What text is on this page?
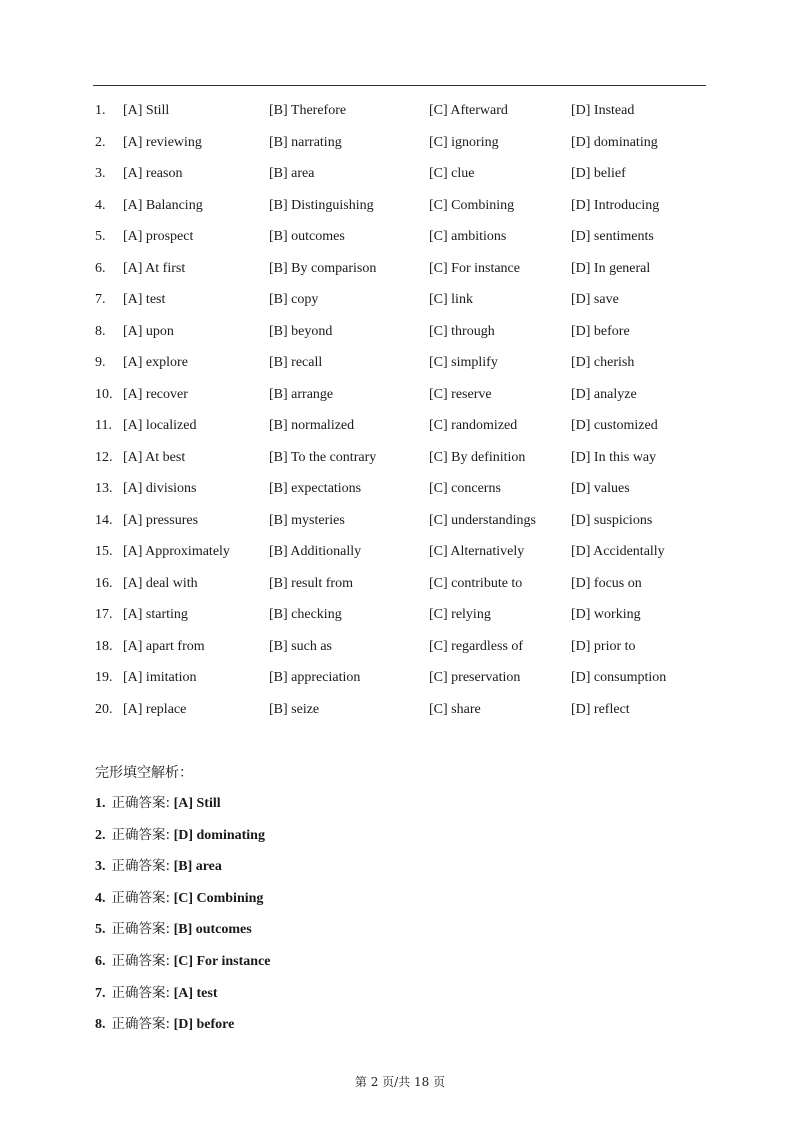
1. [A] Still	[B] Therefore	[C] Afterward	[D] Instead
2. [A] reviewing	[B] narrating	[C] ignoring	[D] dominating
3. [A] reason	[B] area	[C] clue	[D] belief
4. [A] Balancing	[B] Distinguishing	[C] Combining	[D] Introducing
5. [A] prospect	[B] outcomes	[C] ambitions	[D] sentiments
6. [A] At first	[B] By comparison	[C] For instance	[D] In general
7. [A] test	[B] copy	[C] link	[D] save
8. [A] upon	[B] beyond	[C] through	[D] before
9. [A] explore	[B] recall	[C] simplify	[D] cherish
10. [A] recover	[B] arrange	[C] reserve	[D] analyze
11. [A] localized	[B] normalized	[C] randomized	[D] customized
12. [A] At best	[B] To the contrary	[C] By definition	[D] In this way
13. [A] divisions	[B] expectations	[C] concerns	[D] values
14. [A] pressures	[B] mysteries	[C] understandings	[D] suspicions
15. [A] Approximately	[B] Additionally	[C] Alternatively	[D] Accidentally
16. [A] deal with	[B] result from	[C] contribute to	[D] focus on
17. [A] starting	[B] checking	[C] relying	[D] working
18. [A] apart from	[B] such as	[C] regardless of	[D] prior to
19. [A] imitation	[B] appreciation	[C] preservation	[D] consumption
20. [A] replace	[B] seize	[C] share	[D] reflect
完形填空解析：
1. 正确答案: [A] Still
2. 正确答案: [D] dominating
3. 正确答案: [B] area
4. 正确答案: [C] Combining
5. 正确答案: [B] outcomes
6. 正确答案: [C] For instance
7. 正确答案: [A] test
8. 正确答案: [D] before
第 2 页/共 18 页
